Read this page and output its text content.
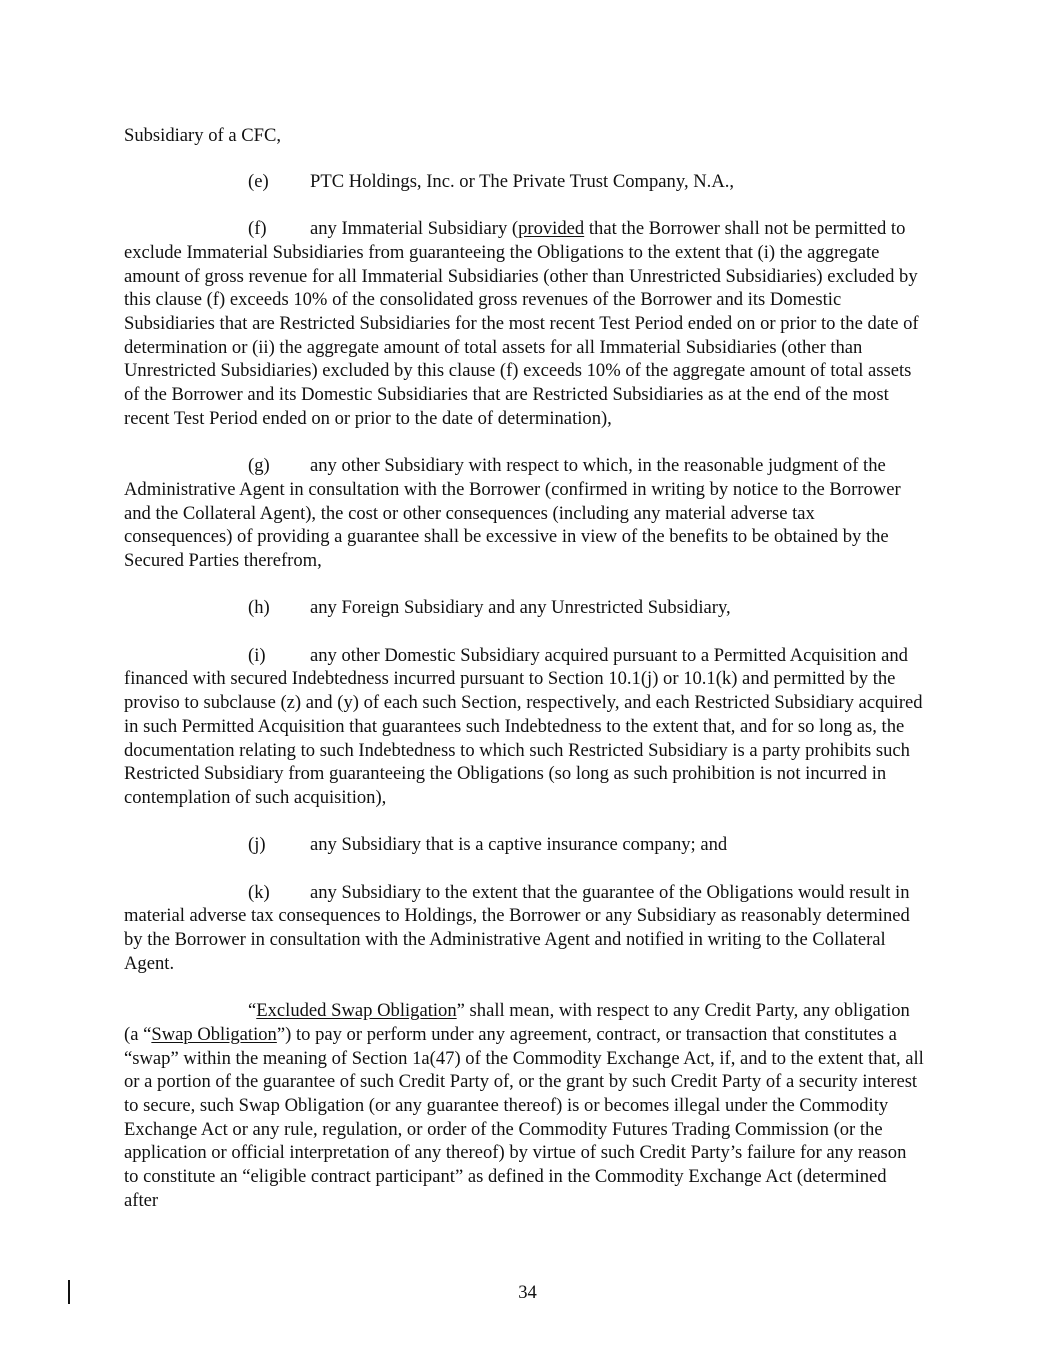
Subsidiary of a CFC,

(e) PTC Holdings, Inc. or The Private Trust Company, N.A.,

(f) any Immaterial Subsidiary (provided that the Borrower shall not be permitted to exclude Immaterial Subsidiaries from guaranteeing the Obligations to the extent that (i) the aggregate amount of gross revenue for all Immaterial Subsidiaries (other than Unrestricted Subsidiaries) excluded by this clause (f) exceeds 10% of the consolidated gross revenues of the Borrower and its Domestic Subsidiaries that are Restricted Subsidiaries for the most recent Test Period ended on or prior to the date of determination or (ii) the aggregate amount of total assets for all Immaterial Subsidiaries (other than Unrestricted Subsidiaries) excluded by this clause (f) exceeds 10% of the aggregate amount of total assets of the Borrower and its Domestic Subsidiaries that are Restricted Subsidiaries as at the end of the most recent Test Period ended on or prior to the date of determination),

(g) any other Subsidiary with respect to which, in the reasonable judgment of the Administrative Agent in consultation with the Borrower (confirmed in writing by notice to the Borrower and the Collateral Agent), the cost or other consequences (including any material adverse tax consequences) of providing a guarantee shall be excessive in view of the benefits to be obtained by the Secured Parties therefrom,

(h) any Foreign Subsidiary and any Unrestricted Subsidiary,

(i) any other Domestic Subsidiary acquired pursuant to a Permitted Acquisition and financed with secured Indebtedness incurred pursuant to Section 10.1(j) or 10.1(k) and permitted by the proviso to subclause (z) and (y) of each such Section, respectively, and each Restricted Subsidiary acquired in such Permitted Acquisition that guarantees such Indebtedness to the extent that, and for so long as, the documentation relating to such Indebtedness to which such Restricted Subsidiary is a party prohibits such Restricted Subsidiary from guaranteeing the Obligations (so long as such prohibition is not incurred in contemplation of such acquisition),

(j) any Subsidiary that is a captive insurance company; and

(k) any Subsidiary to the extent that the guarantee of the Obligations would result in material adverse tax consequences to Holdings, the Borrower or any Subsidiary as reasonably determined by the Borrower in consultation with the Administrative Agent and notified in writing to the Collateral Agent.

“Excluded Swap Obligation” shall mean, with respect to any Credit Party, any obligation (a “Swap Obligation”) to pay or perform under any agreement, contract, or transaction that constitutes a “swap” within the meaning of Section 1a(47) of the Commodity Exchange Act, if, and to the extent that, all or a portion of the guarantee of such Credit Party of, or the grant by such Credit Party of a security interest to secure, such Swap Obligation (or any guarantee thereof) is or becomes illegal under the Commodity Exchange Act or any rule, regulation, or order of the Commodity Futures Trading Commission (or the application or official interpretation of any thereof) by virtue of such Credit Party’s failure for any reason to constitute an “eligible contract participant” as defined in the Commodity Exchange Act (determined after

34
